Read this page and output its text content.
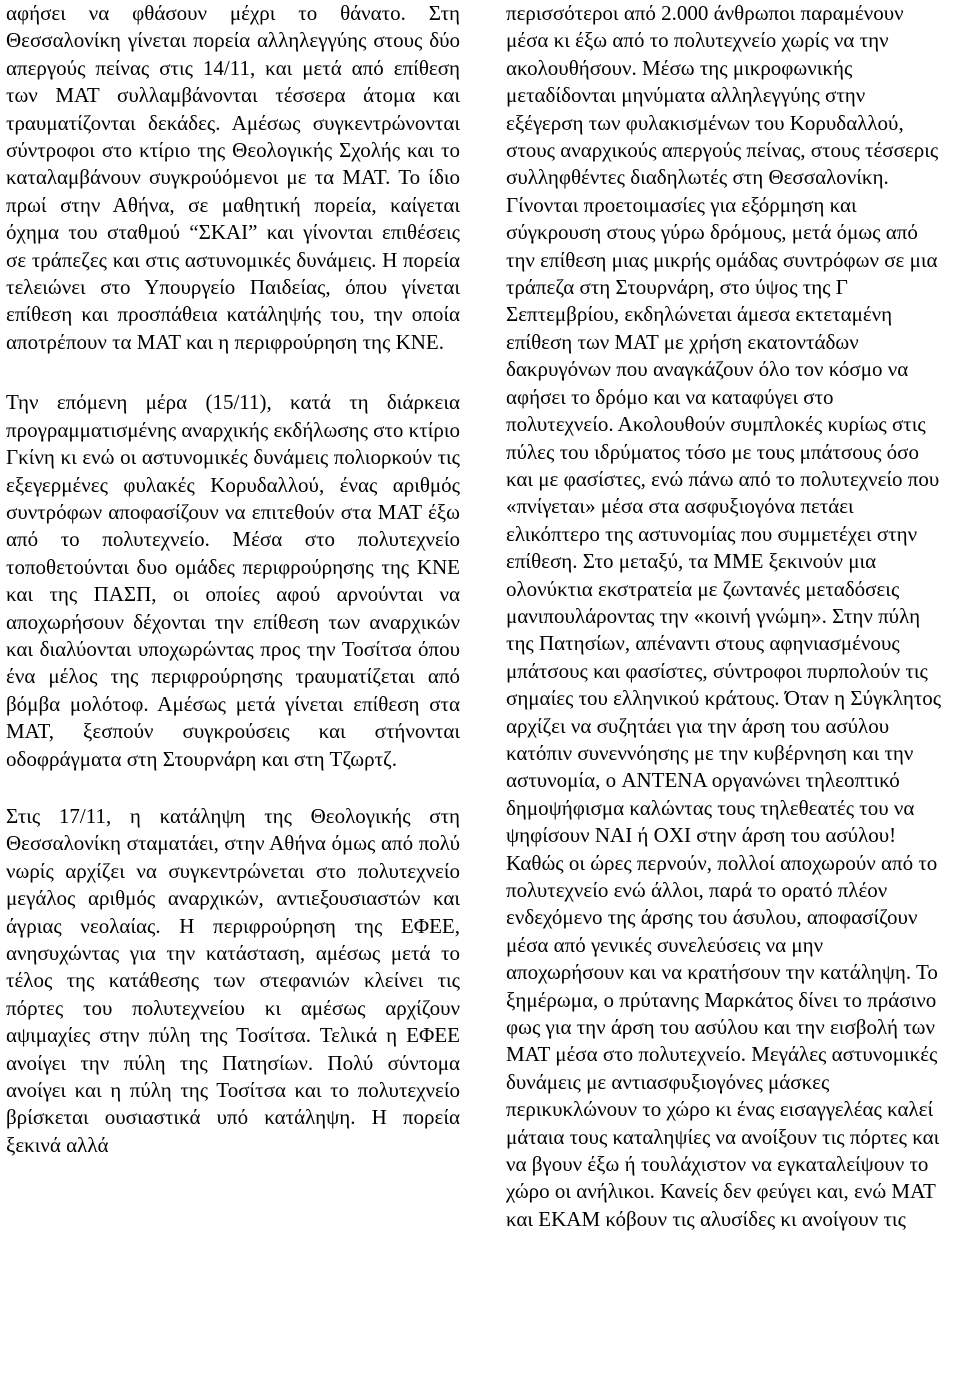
αφήσει να φθάσουν μέχρι το θάνατο. Στη Θεσσαλονίκη γίνεται πορεία αλληλεγγύης στους δύο απεργούς πείνας στις 14/11, και μετά από επίθεση των ΜΑΤ συλλαμβάνονται τέσσερα άτομα και τραυματίζονται δεκάδες. Αμέσως συγκεντρώνονται σύντροφοι στο κτίριο της Θεολογικής Σχολής και το καταλαμβάνουν συγκρούόμενοι με τα ΜΑΤ. Το ίδιο πρωί στην Αθήνα, σε μαθητική πορεία, καίγεται όχημα του σταθμού “ΣΚΑΙ” και γίνονται επιθέσεις σε τράπεζες και στις αστυνομικές δυνάμεις. Η πορεία τελειώνει στο Υπουργείο Παιδείας, όπου γίνεται επίθεση και προσπάθεια κατάληψής του, την οποία αποτρέπουν τα ΜΑΤ και η περιφρούρηση της ΚΝΕ.

Την επόμενη μέρα (15/11), κατά τη διάρκεια προγραμματισμένης αναρχικής εκδήλωσης στο κτίριο Γκίνη κι ενώ οι αστυνομικές δυνάμεις πολιορκούν τις εξεγερμένες φυλακές Κορυδαλλού, ένας αριθμός συντρόφων αποφασίζουν να επιτεθούν στα ΜΑΤ έξω από το πολυτεχνείο. Μέσα στο πολυτεχνείο τοποθετούνται δυο ομάδες περιφρούρησης της ΚΝΕ και της ΠΑΣΠ, οι οποίες αφού αρνούνται να αποχωρήσουν δέχονται την επίθεση των αναρχικών και διαλύονται υποχωρώντας προς την Τοσίτσα όπου ένα μέλος της περιφρούρησης τραυματίζεται από βόμβα μολότοφ. Αμέσως μετά γίνεται επίθεση στα ΜΑΤ, ξεσπούν συγκρούσεις και στήνονται οδοφράγματα στη Στουρνάρη και στη Τζωρτζ.

Στις 17/11, η κατάληψη της Θεολογικής στη Θεσσαλονίκη σταματάει, στην Αθήνα όμως από πολύ νωρίς αρχίζει να συγκεντρώνεται στο πολυτεχνείο μεγάλος αριθμός αναρχικών, αντιεξουσιαστών και άγριας νεολαίας. Η περιφρούρηση της ΕΦΕΕ, ανησυχώντας για την κατάσταση, αμέσως μετά το τέλος της κατάθεσης των στεφανιών κλείνει τις πόρτες του πολυτεχνείου κι αμέσως αρχίζουν αψιμαχίες στην πύλη της Τοσίτσα. Τελικά η ΕΦΕΕ ανοίγει την πύλη της Πατησίων. Πολύ σύντομα ανοίγει και η πύλη της Τοσίτσα και το πολυτεχνείο βρίσκεται ουσιαστικά υπό κατάληψη. Η πορεία ξεκινά αλλά

περισσότεροι από 2.000 άνθρωποι παραμένουν μέσα κι έξω από το πολυτεχνείο χωρίς να την ακολουθήσουν. Μέσω της μικροφωνικής μεταδίδονται μηνύματα αλληλεγγύης στην εξέγερση των φυλακισμένων του Κορυδαλλού, στους αναρχικούς απεργούς πείνας, στους τέσσερις συλληφθέντες διαδηλωτές στη Θεσσαλονίκη. Γίνονται προετοιμασίες για εξόρμηση και σύγκρουση στους γύρω δρόμους, μετά όμως από την επίθεση μιας μικρής ομάδας συντρόφων σε μια τράπεζα στη Στουρνάρη, στο ύψος της Γ Σεπτεμβρίου, εκδηλώνεται άμεσα εκτεταμένη επίθεση των ΜΑΤ με χρήση εκατοντάδων δακρυγόνων που αναγκάζουν όλο τον κόσμο να αφήσει το δρόμο και να καταφύγει στο πολυτεχνείο. Ακολουθούν συμπλοκές κυρίως στις πύλες του ιδρύματος τόσο με τους μπάτσους όσο και με φασίστες, ενώ πάνω από το πολυτεχνείο που «πνίγεται» μέσα στα ασφυξιογόνα πετάει ελικόπτερο της αστυνομίας που συμμετέχει στην επίθεση. Στο μεταξύ, τα ΜΜΕ ξεκινούν μια ολονύκτια εκστρατεία με ζωντανές μεταδόσεις μανιπουλάροντας την «κοινή γνώμη». Στην πύλη της Πατησίων, απέναντι στους αφηνιασμένους μπάτσους και φασίστες, σύντροφοι πυρπολούν τις σημαίες του ελληνικού κράτους. Όταν η Σύγκλητος αρχίζει να συζητάει για την άρση του ασύλου κατόπιν συνεννόησης με την κυβέρνηση και την αστυνομία, ο ANTENA οργανώνει τηλεοπτικό δημοψήφισμα καλώντας τους τηλεθεατές του να ψηφίσουν ΝΑΙ ή ΟΧΙ στην άρση του ασύλου! Καθώς οι ώρες περνούν, πολλοί αποχωρούν από το πολυτεχνείο ενώ άλλοι, παρά το ορατό πλέον ενδεχόμενο της άρσης του άσυλου, αποφασίζουν μέσα από γενικές συνελεύσεις να μην αποχωρήσουν και να κρατήσουν την κατάληψη. Το ξημέρωμα, ο πρύτανης Μαρκάτος δίνει το πράσινο φως για την άρση του ασύλου και την εισβολή των ΜΑΤ μέσα στο πολυτεχνείο. Μεγάλες αστυνομικές δυνάμεις με αντιασφυξιογόνες μάσκες περικυκλώνουν το χώρο κι ένας εισαγγελέας καλεί μάταια τους καταληψίες να ανοίξουν τις πόρτες και να βγουν έξω ή τουλάχιστον να εγκαταλείψουν το χώρο οι ανήλικοι. Κανείς δεν φεύγει και, ενώ ΜΑΤ και ΕΚΑΜ κόβουν τις αλυσίδες κι ανοίγουν τις
